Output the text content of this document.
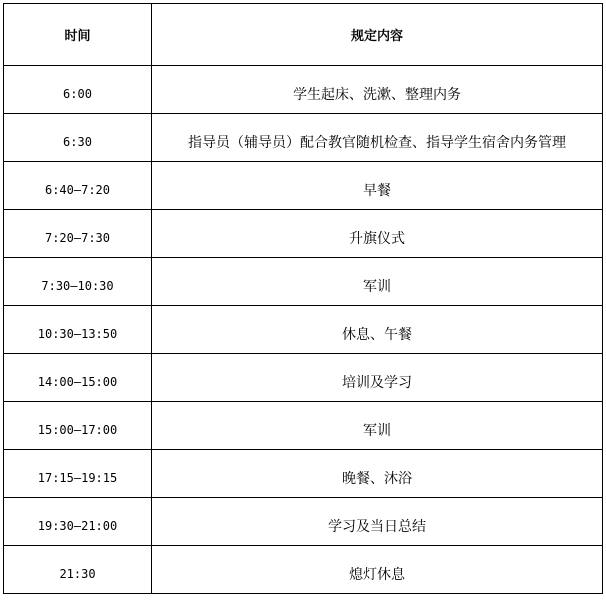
时间	规定内容
6:00	学生起床、洗漱、整理内务
6:30	指导员（辅导员）配合教官随机检查、指导学生宿舍内务管理
6:40—7:20	早餐
7:20—7:30	升旗仪式
7:30—10:30	军训
10:30—13:50	休息、午餐
14:00—15:00	培训及学习
15:00—17:00	军训
17:15—19:15	晚餐、沐浴
19:30—21:00	学习及当日总结
21:30	熄灯休息
